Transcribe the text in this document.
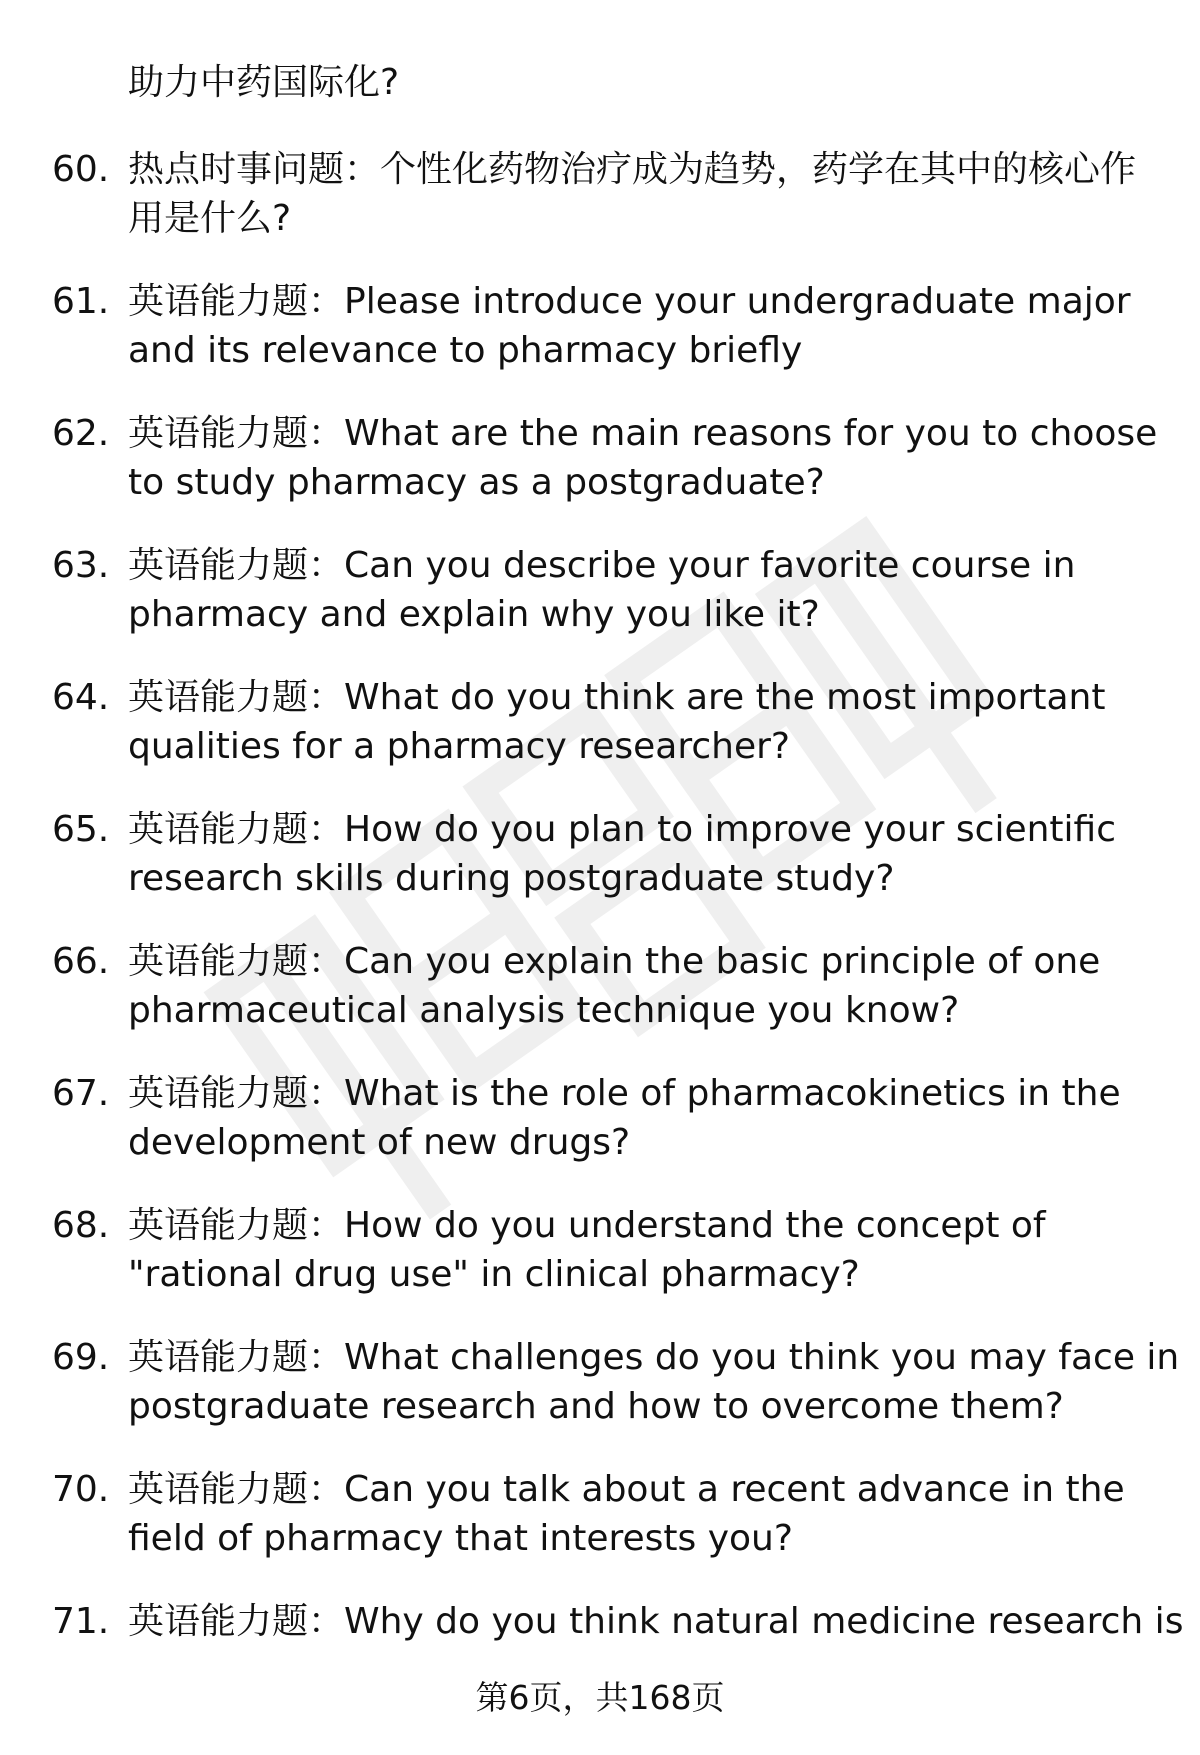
助力中药国际化?
60. 热点时事问题：个性化药物治疗成为趋势，药学在其中的核心作
用是什么?
61. 英语能力题：Please introduce your undergraduate major
and its relevance to pharmacy briefly
62. 英语能力题：What are the main reasons for you to choose
to study pharmacy as a postgraduate?
63. 英语能力题：Can you describe your favorite course in
pharmacy and explain why you like it?
64. 英语能力题：What do you think are the most important
qualities for a pharmacy researcher?
65. 英语能力题：How do you plan to improve your scientific
research skills during postgraduate study?
66. 英语能力题：Can you explain the basic principle of one
pharmaceutical analysis technique you know?
67. 英语能力题：What is the role of pharmacokinetics in the
development of new drugs?
68. 英语能力题：How do you understand the concept of
"rational drug use" in clinical pharmacy?
69. 英语能力题：What challenges do you think you may face in
postgraduate research and how to overcome them?
70. 英语能力题：Can you talk about a recent advance in the
field of pharmacy that interests you?
71. 英语能力题：Why do you think natural medicine research is
第6页，共168页
